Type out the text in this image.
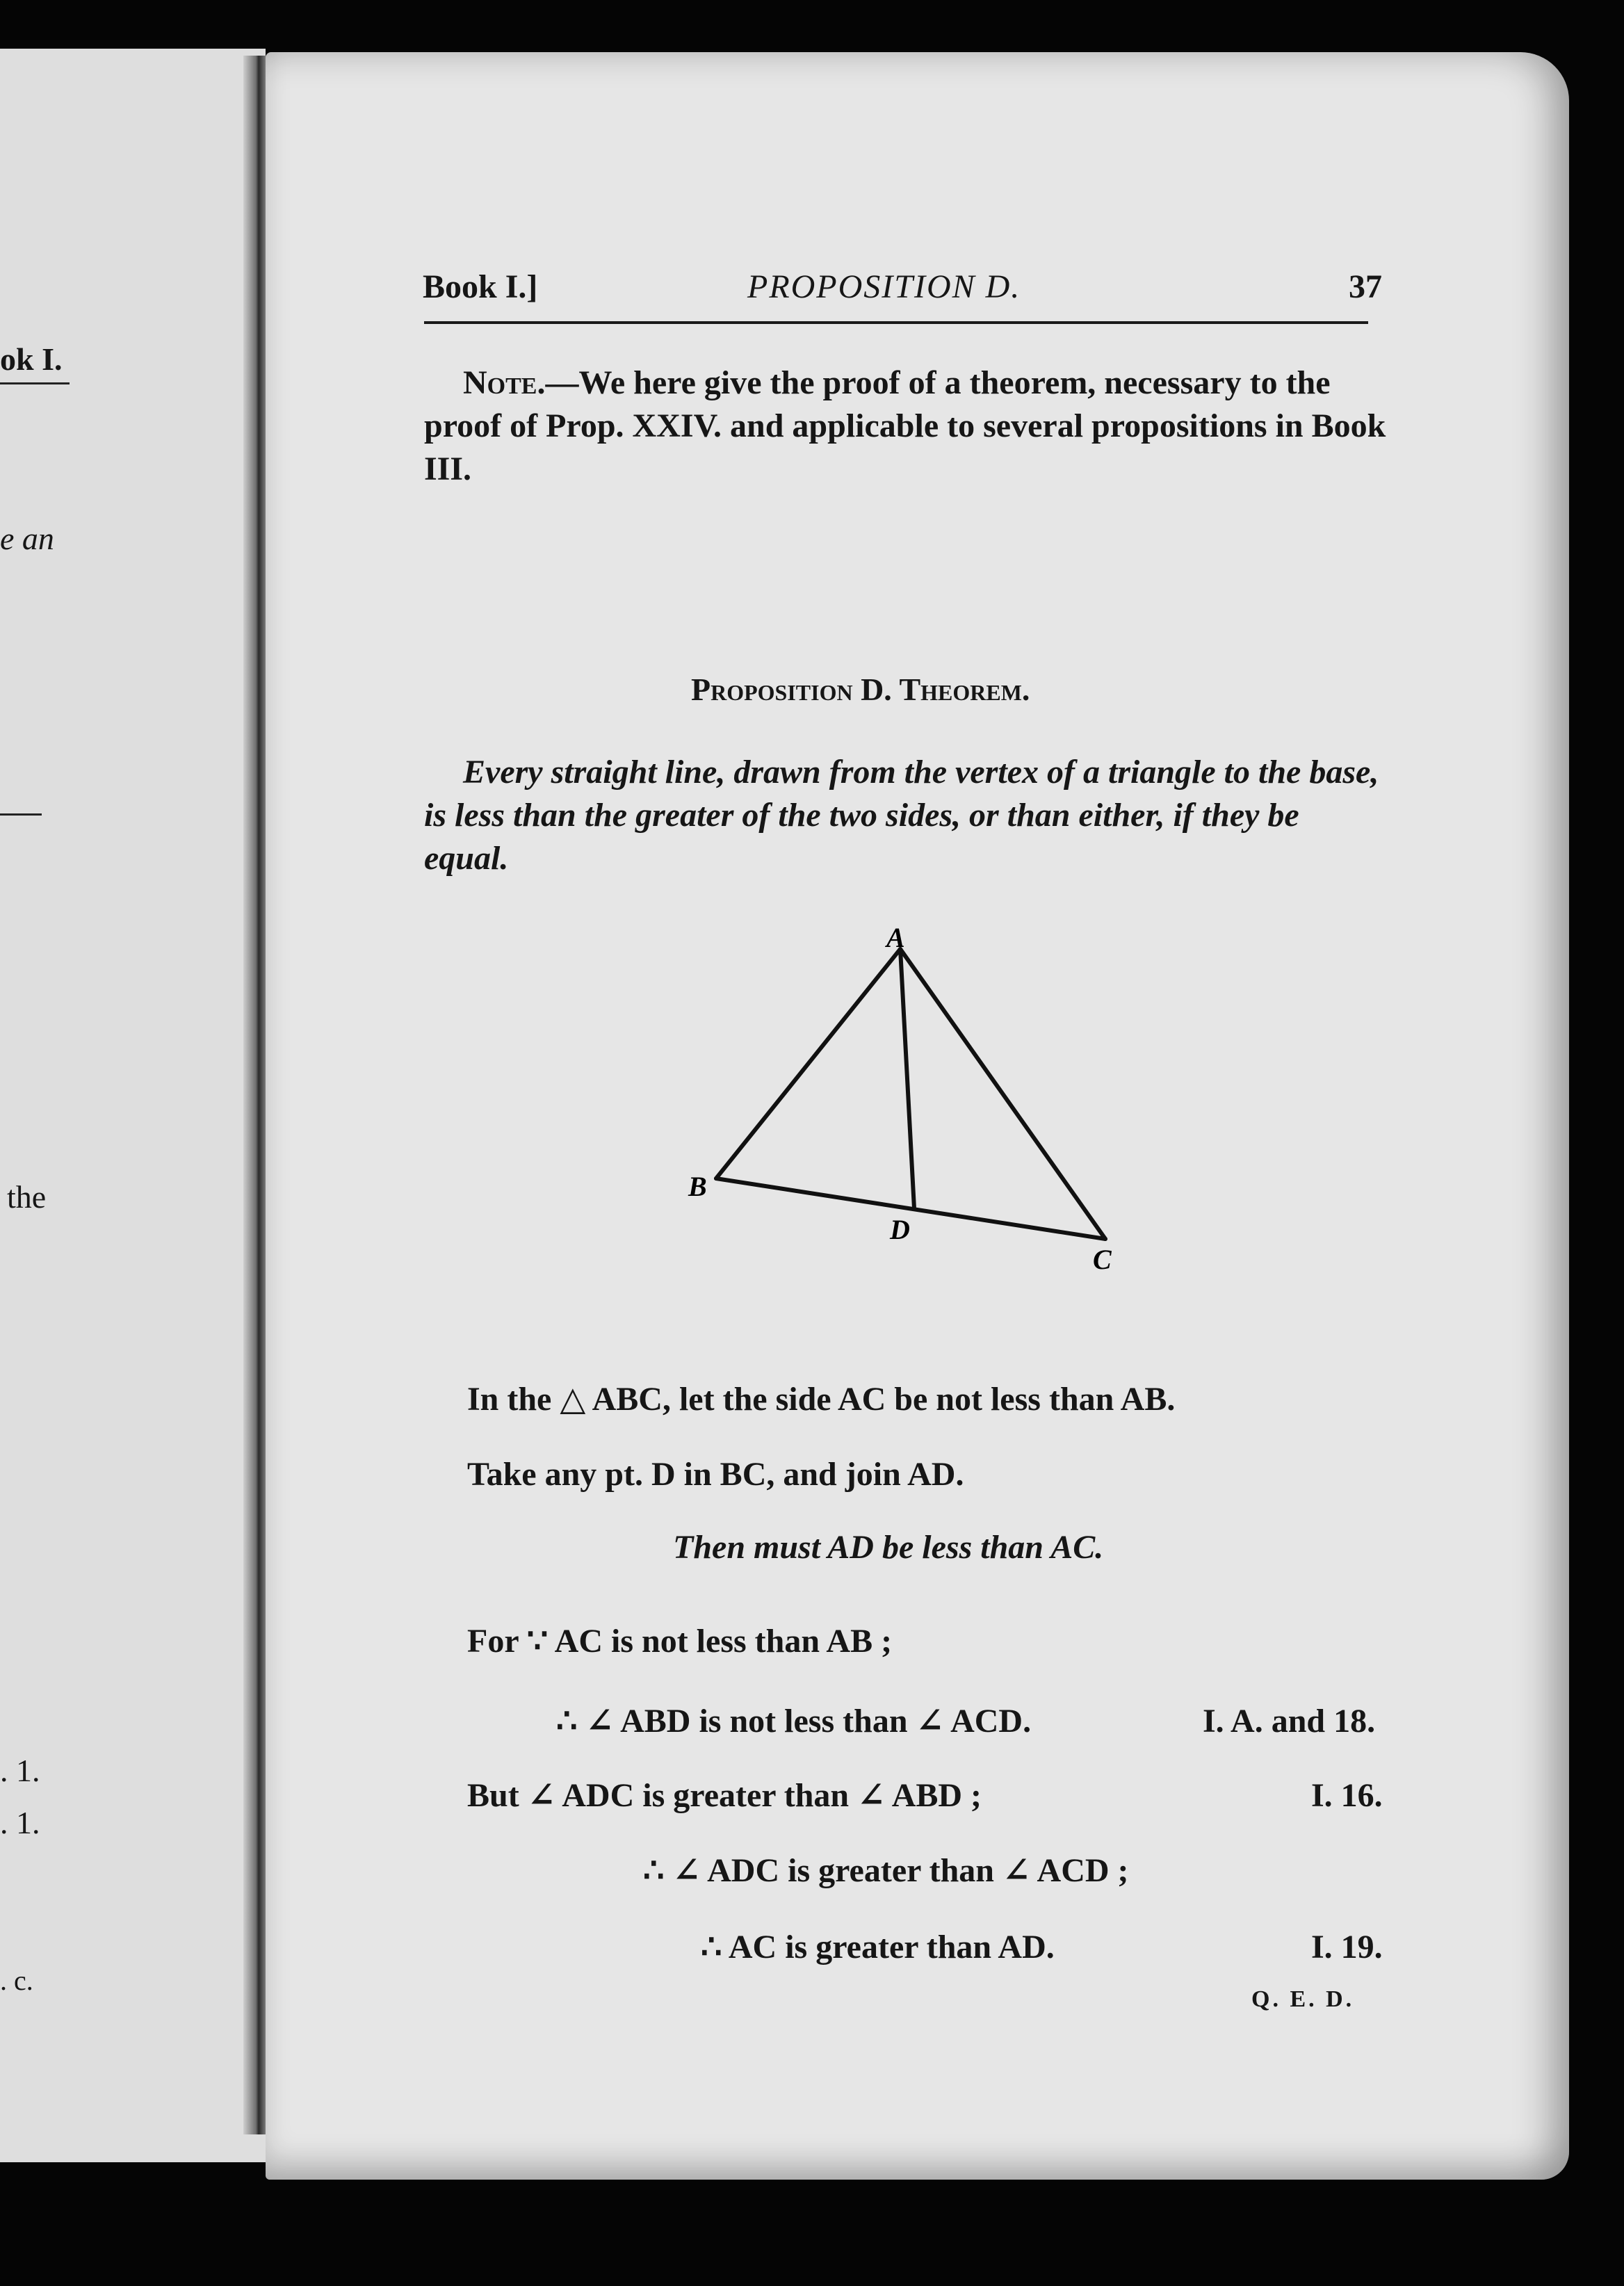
ok I.
e an
the
. 1.
. 1.
. c.
Book I.]	PROPOSITION D.	37
Note.—We here give the proof of a theorem, necessary to the proof of Prop. XXIV. and applicable to several propositions in Book III.
Proposition D. Theorem.
Every straight line, drawn from the vertex of a triangle to the base, is less than the greater of the two sides, or than either, if they be equal.
A
B
D
C
In the △ ABC, let the side AC be not less than AB.
Take any pt. D in BC, and join AD.
Then must AD be less than AC.
For ∵ AC is not less than AB ;
∴ ∠ ABD is not less than ∠ ACD.	I. A. and 18.
But ∠ ADC is greater than ∠ ABD ;	I. 16.
∴ ∠ ADC is greater than ∠ ACD ;
∴ AC is greater than AD.	I. 19.
Q. E. D.
